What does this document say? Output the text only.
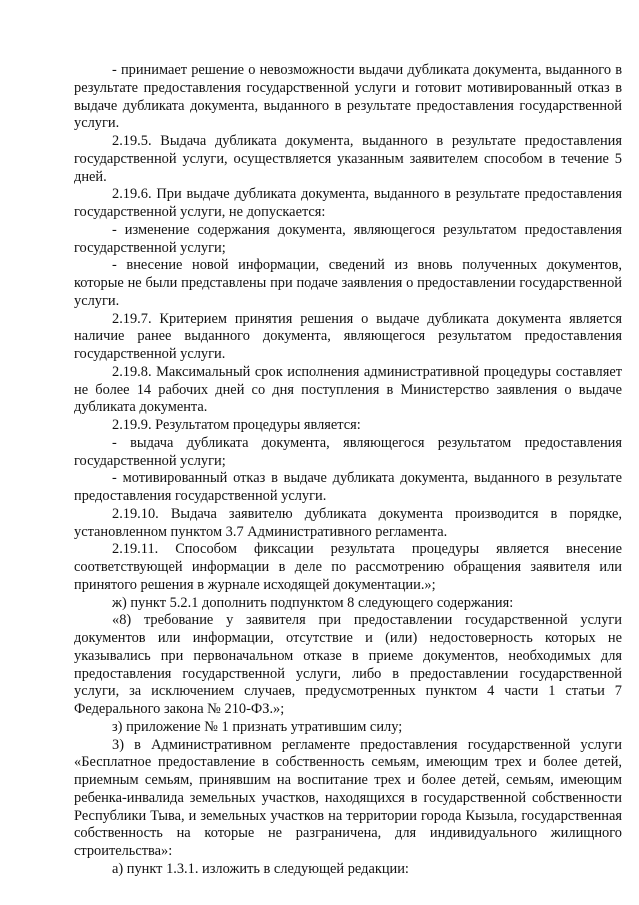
- принимает решение о невозможности выдачи дубликата документа, выданного в результате предоставления государственной услуги и готовит мотивированный отказ в выдаче дубликата документа, выданного в результате предоставления государственной услуги.

2.19.5. Выдача дубликата документа, выданного в результате предоставления государственной услуги, осуществляется указанным заявителем способом в течение 5 дней.

2.19.6. При выдаче дубликата документа, выданного в результате предоставления государственной услуги, не допускается:

- изменение содержания документа, являющегося результатом предоставления государственной услуги;

- внесение новой информации, сведений из вновь полученных документов, которые не были представлены при подаче заявления о предоставлении государственной услуги.

2.19.7. Критерием принятия решения о выдаче дубликата документа является наличие ранее выданного документа, являющегося результатом предоставления государственной услуги.

2.19.8. Максимальный срок исполнения административной процедуры составляет не более 14 рабочих дней со дня поступления в Министерство заявления о выдаче дубликата документа.

2.19.9. Результатом процедуры является:

- выдача дубликата документа, являющегося результатом предоставления государственной услуги;

- мотивированный отказ в выдаче дубликата документа, выданного в результате предоставления государственной услуги.

2.19.10. Выдача заявителю дубликата документа производится в порядке, установленном пунктом 3.7 Административного регламента.

2.19.11. Способом фиксации результата процедуры является внесение соответствующей информации в деле по рассмотрению обращения заявителя или принятого решения в журнале исходящей документации.»;

ж) пункт 5.2.1 дополнить подпунктом 8 следующего содержания:

«8) требование у заявителя при предоставлении государственной услуги документов или информации, отсутствие и (или) недостоверность которых не указывались при первоначальном отказе в приеме документов, необходимых для предоставления государственной услуги, либо в предоставлении государственной услуги, за исключением случаев, предусмотренных пунктом 4 части 1 статьи 7 Федерального закона № 210-ФЗ.»;

з) приложение № 1 признать утратившим силу;

3) в Административном регламенте предоставления государственной услуги «Бесплатное предоставление в собственность семьям, имеющим трех и более детей, приемным семьям, принявшим на воспитание трех и более детей, семьям, имеющим ребенка-инвалида земельных участков, находящихся в государственной собственности Республики Тыва, и земельных участков на территории города Кызыла, государственная собственность на которые не разграничена, для индивидуального жилищного строительства»:

а) пункт 1.3.1. изложить в следующей редакции:
